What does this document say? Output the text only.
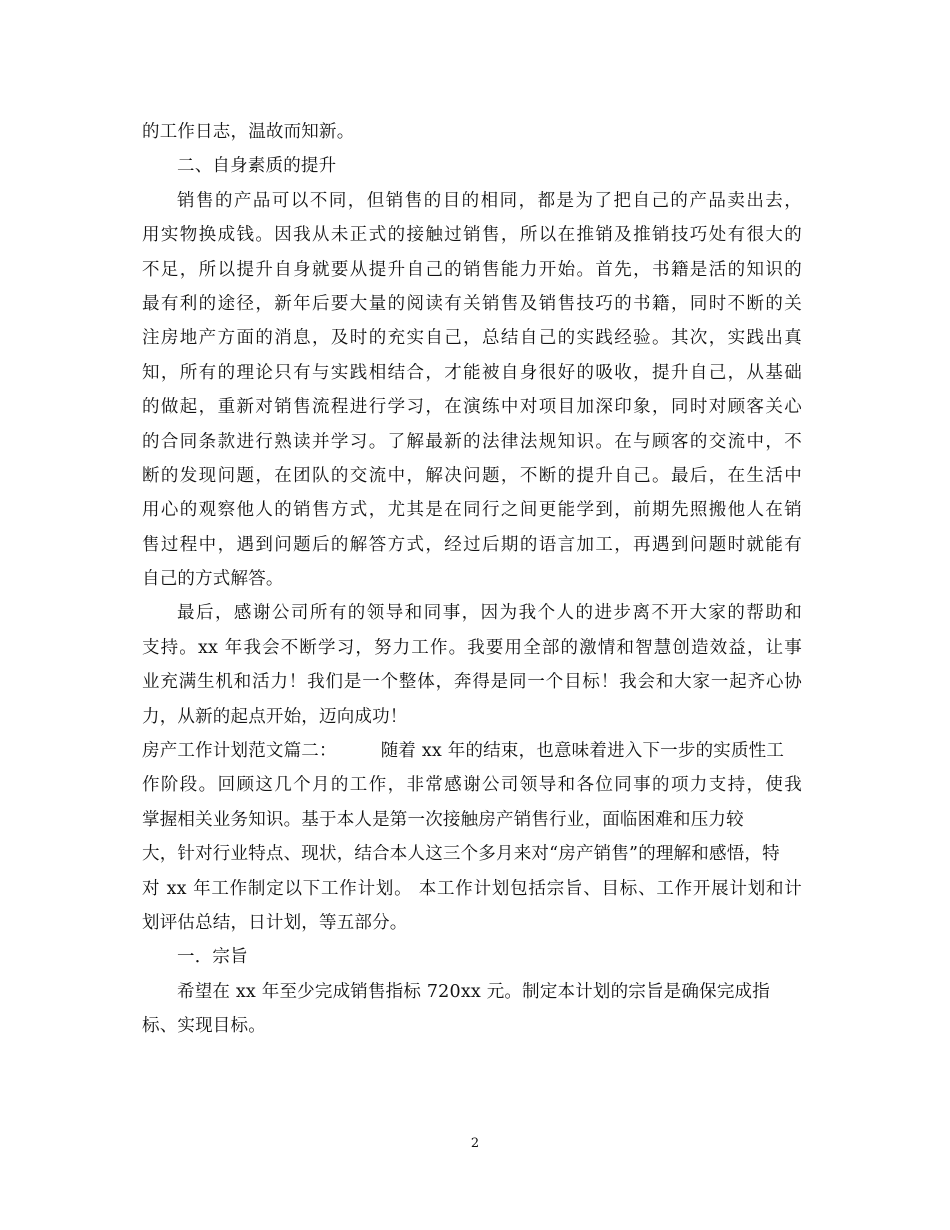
的工作日志，温故而知新。
二、自身素质的提升
销售的产品可以不同，但销售的目的相同，都是为了把自己的产品卖出去，
用实物换成钱。因我从未正式的接触过销售，所以在推销及推销技巧处有很大的
不足，所以提升自身就要从提升自己的销售能力开始。首先，书籍是活的知识的
最有利的途径，新年后要大量的阅读有关销售及销售技巧的书籍，同时不断的关
注房地产方面的消息，及时的充实自己，总结自己的实践经验。其次，实践出真
知，所有的理论只有与实践相结合，才能被自身很好的吸收，提升自己，从基础
的做起，重新对销售流程进行学习，在演练中对项目加深印象，同时对顾客关心
的合同条款进行熟读并学习。了解最新的法律法规知识。在与顾客的交流中，不
断的发现问题，在团队的交流中，解决问题，不断的提升自己。最后，在生活中
用心的观察他人的销售方式，尤其是在同行之间更能学到，前期先照搬他人在销
售过程中，遇到问题后的解答方式，经过后期的语言加工，再遇到问题时就能有
自己的方式解答。
最后，感谢公司所有的领导和同事，因为我个人的进步离不开大家的帮助和
支持。xx 年我会不断学习，努力工作。我要用全部的激情和智慧创造效益，让事
业充满生机和活力！我们是一个整体，奔得是同一个目标！我会和大家一起齐心协
力，从新的起点开始，迈向成功！
房产工作计划范文篇二：	随着 xx 年的结束，也意味着进入下一步的实质性工
作阶段。回顾这几个月的工作，非常感谢公司领导和各位同事的项力支持，使我
掌握相关业务知识。基于本人是第一次接触房产销售行业，面临困难和压力较
大，针对行业特点、现状，结合本人这三个多月来对“房产销售”的理解和感悟，特
对 xx 年工作制定以下工作计划。 本工作计划包括宗旨、目标、工作开展计划和计
划评估总结，日计划，等五部分。
一．宗旨
希望在 xx 年至少完成销售指标 720xx 元。制定本计划的宗旨是确保完成指
标、实现目标。
2
